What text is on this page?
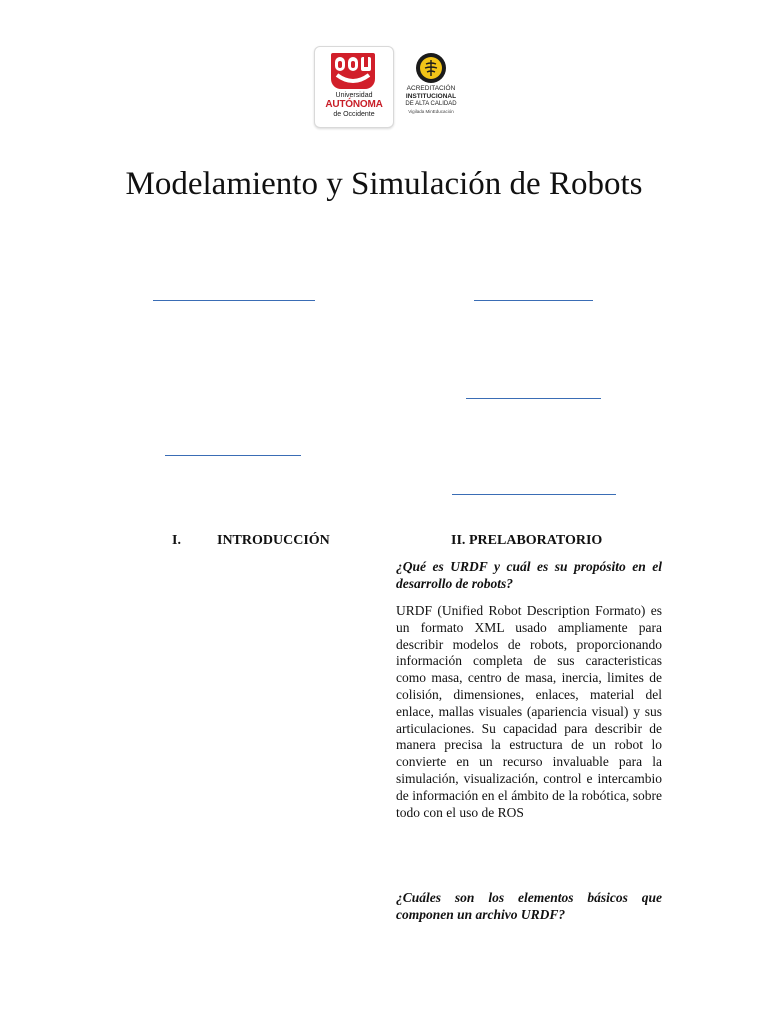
Universidad
AUTÓNOMA
de Occidente
ACREDITACIÓN
INSTITUCIONAL
DE ALTA CALIDAD
Vigilada MinEducación
Modelamiento y Simulación de Robots
I.	INTRODUCCIÓN	II. PRELABORATORIO

¿Qué es URDF y cuál es su propósito en el desarrollo de robots?

URDF (Unified Robot Description Formato) es un formato XML usado ampliamente para describir modelos de robots, proporcionando información completa de sus caracteristicas como masa, centro de masa, inercia, limites de colisión, dimensiones, enlaces, material del enlace, mallas visuales (apariencia visual) y sus articulaciones. Su capacidad para describir de manera precisa la estructura de un robot lo convierte en un recurso invaluable para la simulación, visualización, control e intercambio de información en el ámbito de la robótica, sobre todo con el uso de ROS

¿Cuáles son los elementos básicos que componen un archivo URDF?
